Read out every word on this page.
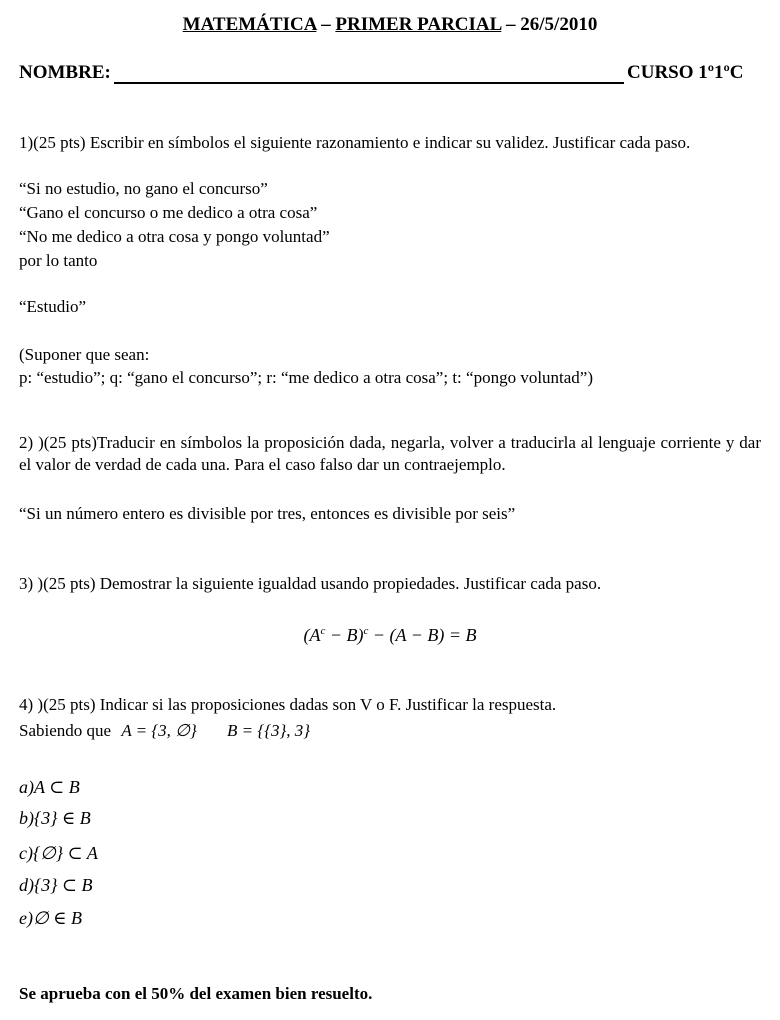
MATEMÁTICA – PRIMER PARCIAL – 26/5/2010
NOMBRE:	CURSO 1º1ºC
1)(25 pts) Escribir en símbolos el siguiente razonamiento e indicar su validez. Justificar cada paso.
“Si no estudio, no gano el concurso”
“Gano el concurso o me dedico a otra cosa”
“No me dedico a otra cosa y pongo voluntad”
por lo tanto
“Estudio”
(Suponer que sean:
p: “estudio”; q: “gano el concurso”; r: “me dedico a otra cosa”; t: “pongo voluntad”)
2) )(25 pts)Traducir en símbolos la proposición dada, negarla, volver a traducirla al lenguaje corriente y dar el valor de verdad de cada una. Para el caso falso dar un contraejemplo.
“Si un número entero es divisible por tres, entonces es divisible por seis”
3) )(25 pts) Demostrar la siguiente igualdad usando propiedades. Justificar cada paso.
$(A^c - B)^c - (A - B) = B$
4) )(25 pts) Indicar si las proposiciones dadas son V o F. Justificar la respuesta.
Sabiendo que A = {3, ∅} B = {{3}, 3}
a)A ⊂ B
b){3} ∈ B
c){∅} ⊂ A
d){3} ⊂ B
e)∅ ∈ B
Se aprueba con el 50% del examen bien resuelto.
